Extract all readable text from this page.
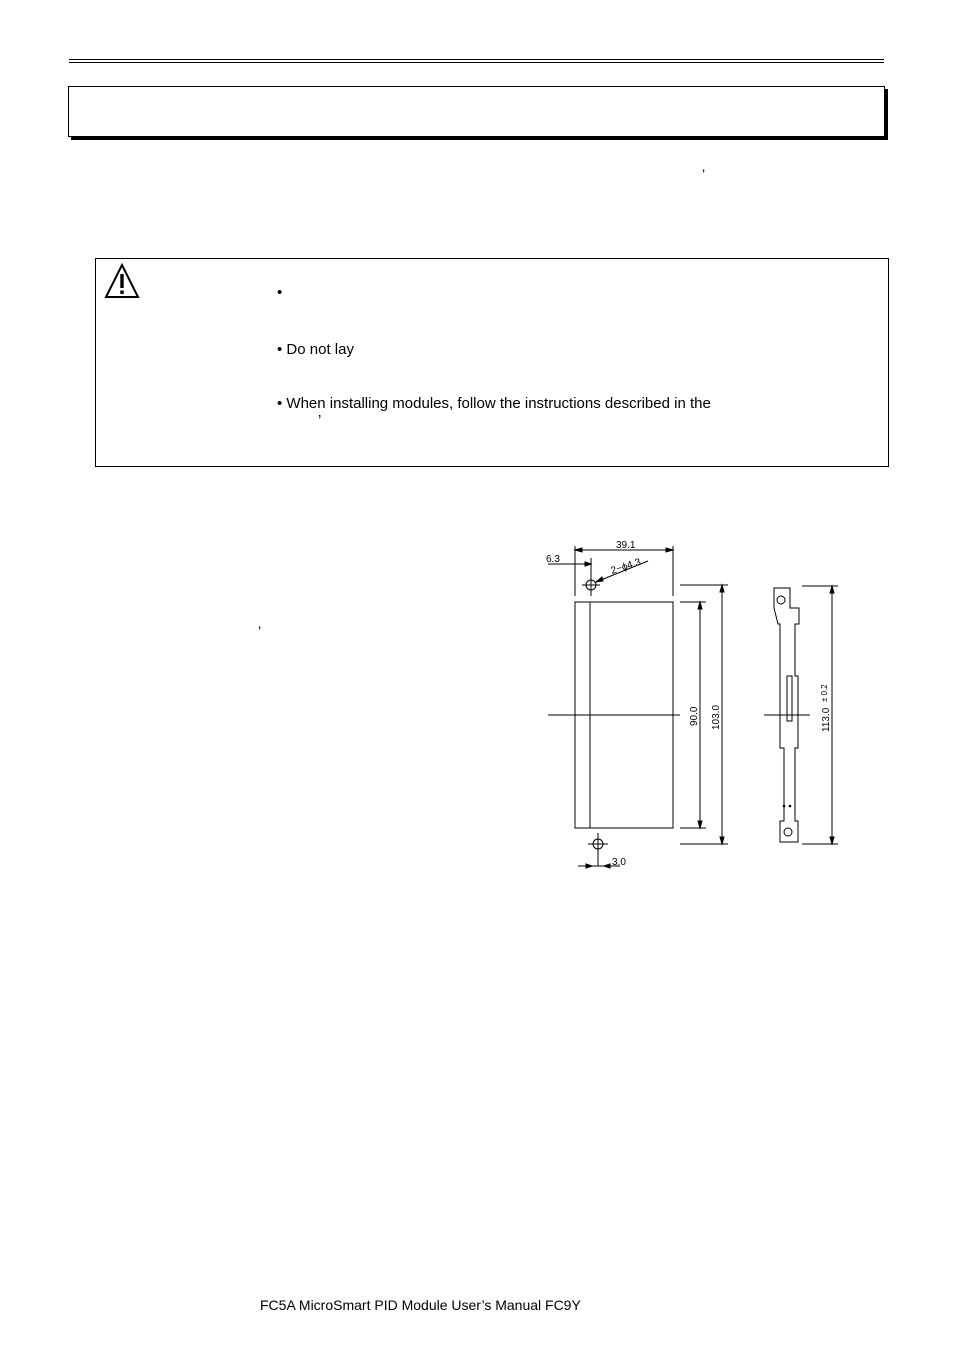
’
•
• Do not lay
• When installing modules, follow the instructions described in the
’
’
39.1
6.3	2−ϕ4.3
90.0 103.0
3.0
113.0
± 0.2
FC5A MicroSmart PID Module User’s Manual FC9Y
